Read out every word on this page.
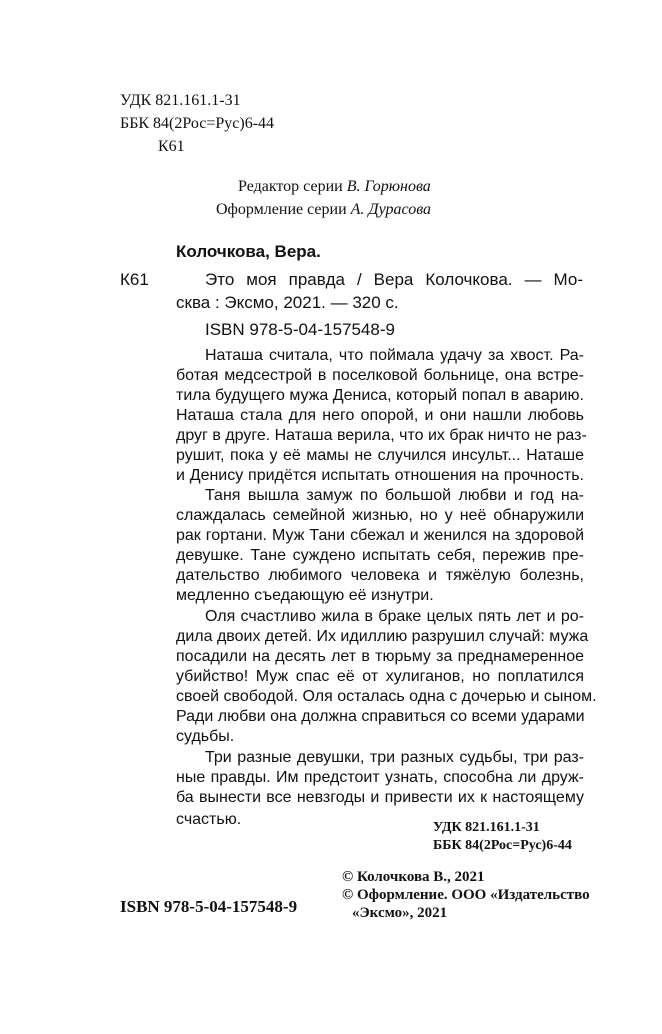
УДК 821.161.1-31
ББК 84(2Рос=Рус)6-44
К61
Редактор серии В. Горюнова
Оформление серии А. Дурасова
Колочкова, Вера.
К61	Это моя правда / Вера Колочкова. — Мо-
сква : Эксмо, 2021. — 320 с.
ISBN 978-5-04-157548-9
Наташа считала, что поймала удачу за хвост. Ра-
ботая медсестрой в поселковой больнице, она встре-
тила будущего мужа Дениса, который попал в аварию.
Наташа стала для него опорой, и они нашли любовь
друг в друге. Наташа верила, что их брак ничто не раз-
рушит, пока у её мамы не случился инсульт... Наташе
и Денису придётся испытать отношения на прочность.
Таня вышла замуж по большой любви и год на-
слаждалась семейной жизнью, но у неё обнаружили
рак гортани. Муж Тани сбежал и женился на здоровой
девушке. Тане суждено испытать себя, пережив пре-
дательство любимого человека и тяжёлую болезнь,
медленно съедающую её изнутри.
Оля счастливо жила в браке целых пять лет и ро-
дила двоих детей. Их идиллию разрушил случай: мужа
посадили на десять лет в тюрьму за преднамеренное
убийство! Муж спас её от хулиганов, но поплатился
своей свободой. Оля осталась одна с дочерью и сыном.
Ради любви она должна справиться со всеми ударами
судьбы.
Три разные девушки, три разных судьбы, три раз-
ные правды. Им предстоит узнать, способна ли друж-
ба вынести все невзгоды и привести их к настоящему
счастью.	УДК 821.161.1-31
ББК 84(2Рос=Рус)6-44
© Колочкова В., 2021
© Оформление. ООО «Издательство
«Эксмо», 2021
ISBN 978-5-04-157548-9
